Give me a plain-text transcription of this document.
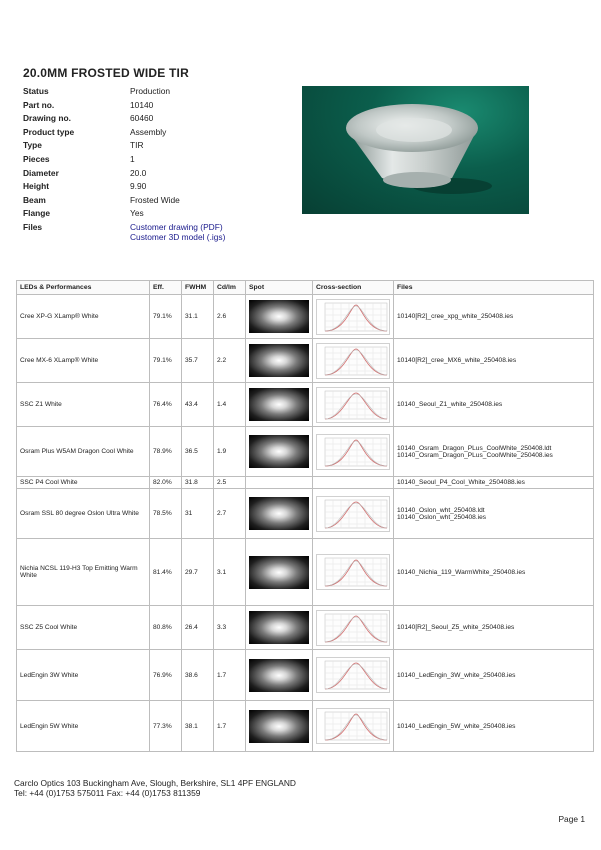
20.0MM FROSTED WIDE TIR
Status	Production
Part no.	10140
Drawing no.	60460
Product type	Assembly
Type	TIR
Pieces	1
Diameter	20.0
Height	9.90
Beam	Frosted Wide
Flange	Yes
Files	Customer drawing (PDF)
Customer 3D model (.igs)
LEDs & Performances	Eff.	FWHM	Cd/lm	Spot	Cross-section	Files
Cree XP-G XLamp® White	79.1%	31.1	2.6			10140[R2]_cree_xpg_white_250408.ies

Cree MX-6 XLamp® White	79.1%	35.7	2.2			10140[R2]_cree_MX6_white_250408.ies

SSC Z1 White	76.4%	43.4	1.4			10140_Seoul_Z1_white_250408.ies

Osram Plus W5AM Dragon Cool White	78.9%	36.5	1.9			10140_Osram_Dragon_PLus_CoolWhite_250408.ldt
10140_Osram_Dragon_PLus_CoolWhite_250408.ies

SSC P4 Cool White	82.0%	31.8	2.5			10140_Seoul_P4_Cool_White_2504088.ies

Osram SSL 80 degree Oslon Ultra White	78.5%	31	2.7			10140_Oslon_wht_250408.ldt
10140_Oslon_wht_250408.ies

Nichia NCSL 119-H3 Top Emitting Warm White	81.4%	29.7	3.1			10140_Nichia_119_WarmWhite_250408.ies

SSC Z5 Cool White	80.8%	26.4	3.3			10140[R2]_Seoul_Z5_white_250408.ies

LedEngin 3W White	76.9%	38.6	1.7			10140_LedEngin_3W_white_250408.ies

LedEngin 5W White	77.3%	38.1	1.7			10140_LedEngin_5W_white_250408.ies
Carclo Optics 103 Buckingham Ave, Slough, Berkshire, SL1 4PF ENGLAND
Tel: +44 (0)1753 575011 Fax: +44 (0)1753 811359
Page 1
